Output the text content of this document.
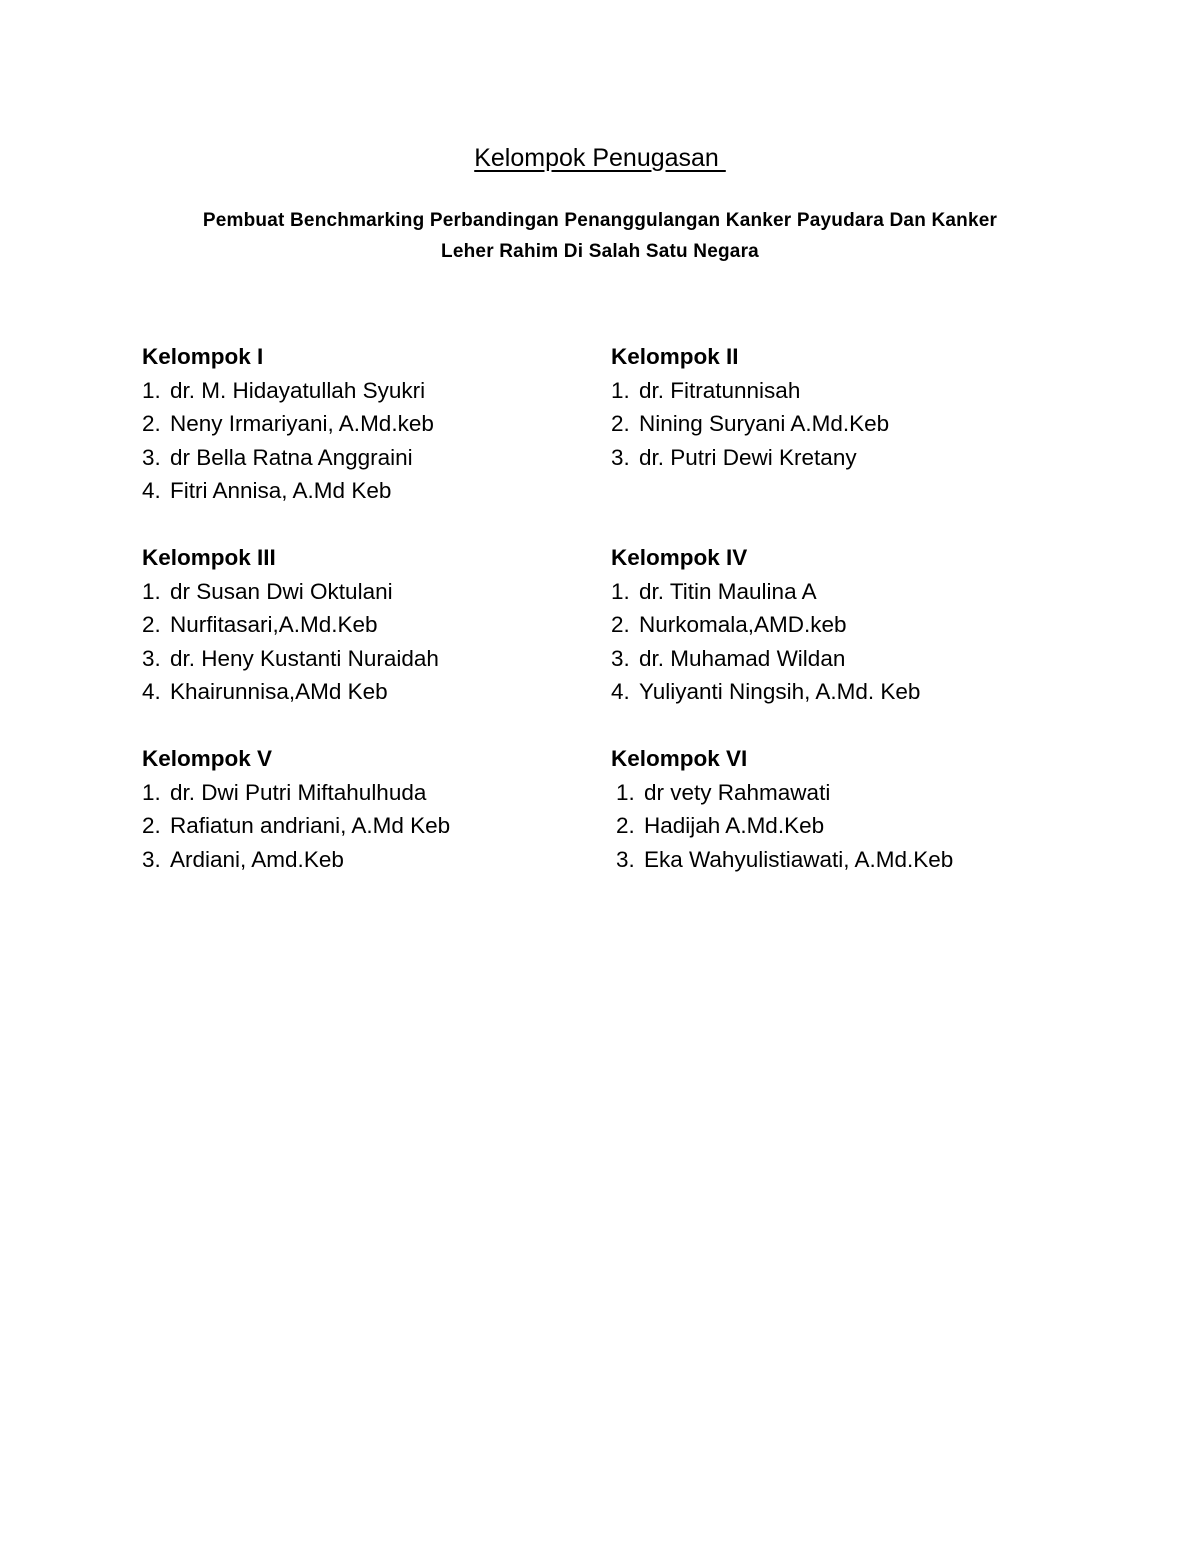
Kelompok Penugasan
Pembuat Benchmarking Perbandingan Penanggulangan Kanker Payudara Dan Kanker
Leher Rahim Di Salah Satu Negara
Kelompok I
1. dr. M. Hidayatullah Syukri
2. Neny Irmariyani, A.Md.keb
3. dr Bella Ratna Anggraini
4. Fitri Annisa, A.Md Keb
Kelompok II
1. dr. Fitratunnisah
2. Nining Suryani A.Md.Keb
3. dr. Putri Dewi Kretany
Kelompok III
1. dr Susan Dwi Oktulani
2. Nurfitasari,A.Md.Keb
3. dr. Heny Kustanti Nuraidah
4. Khairunnisa,AMd Keb
Kelompok IV
1. dr. Titin Maulina A
2. Nurkomala,AMD.keb
3. dr. Muhamad Wildan
4. Yuliyanti Ningsih, A.Md. Keb
Kelompok V
1. dr. Dwi Putri Miftahulhuda
2. Rafiatun andriani, A.Md Keb
3. Ardiani, Amd.Keb
Kelompok VI
1. dr vety Rahmawati
2. Hadijah A.Md.Keb
3. Eka Wahyulistiawati, A.Md.Keb
